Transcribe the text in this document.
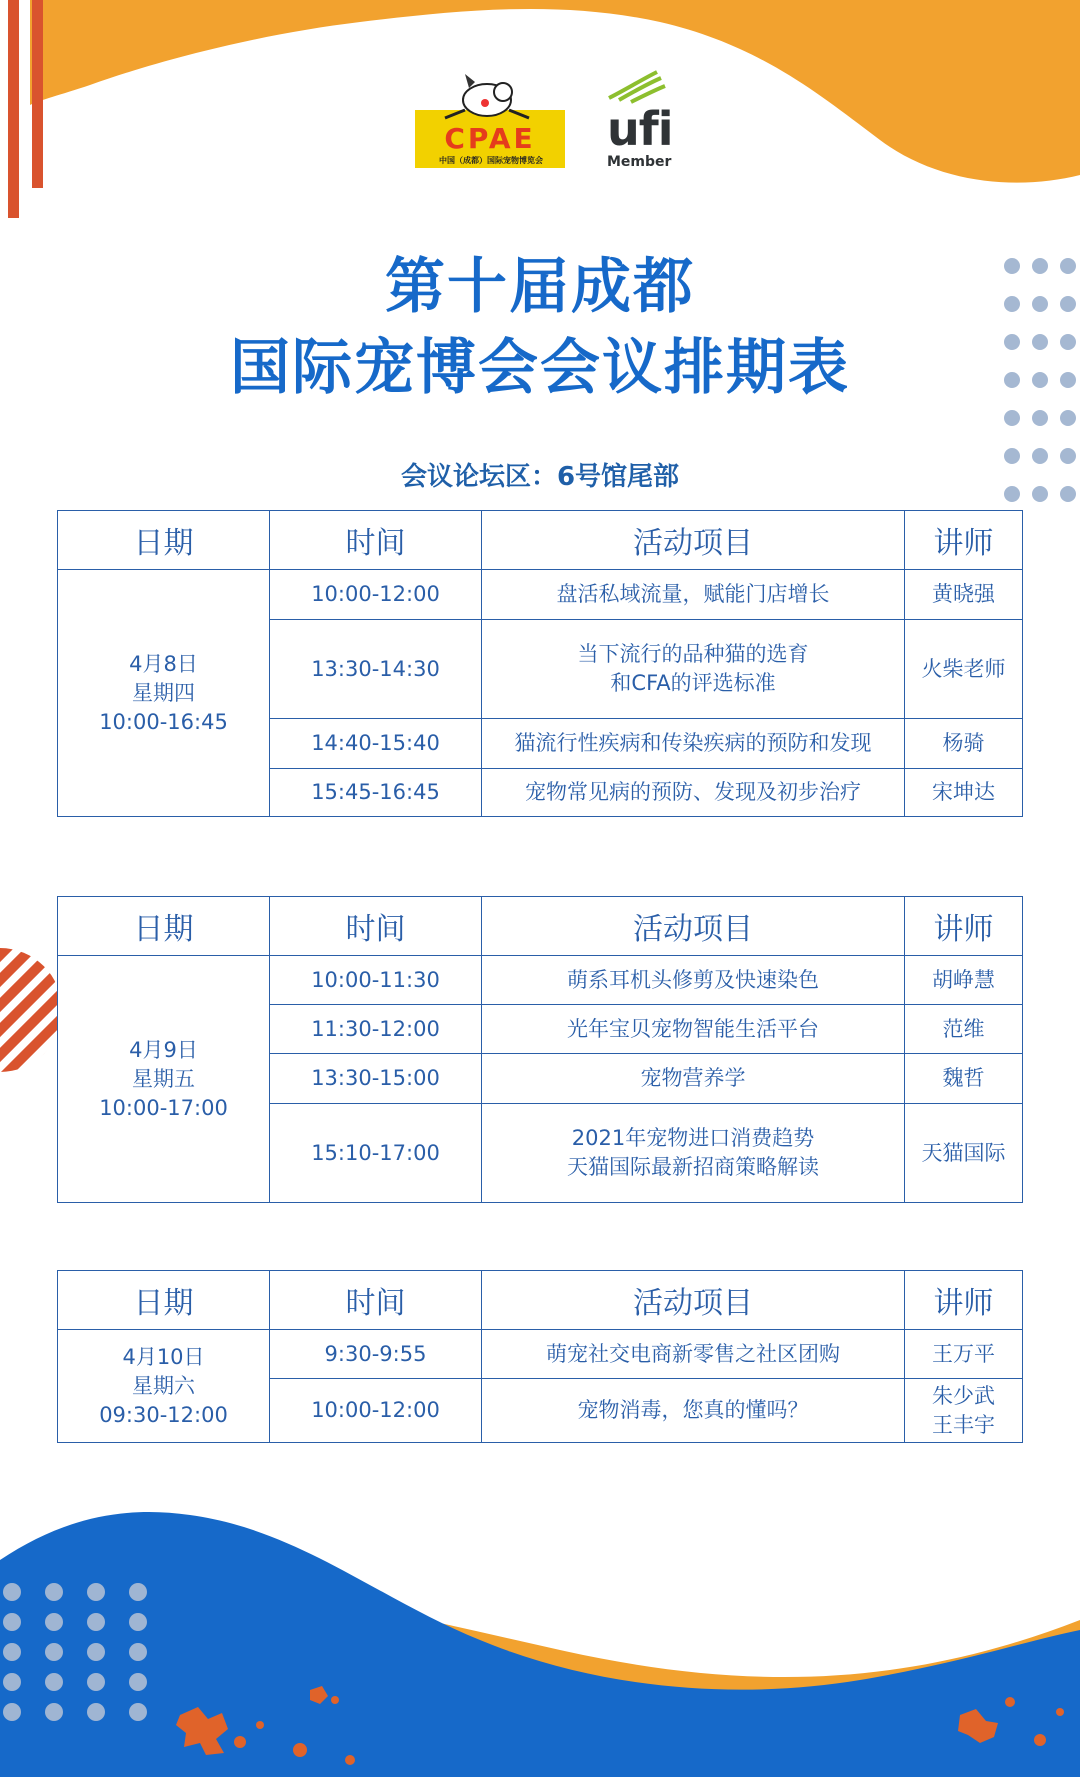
CPAE
中国（成都）国际宠物博览会
ufi
Member
第十届成都
国际宠博会会议排期表
会议论坛区：6号馆尾部
日期	时间	活动项目	讲师

4月8日
星期四
10:00-16:45	10:00-12:00	盘活私域流量，赋能门店增长	黄晓强

	13:30-14:30	当下流行的品种猫的选育
和CFA的评选标准	火柴老师

	14:40-15:40	猫流行性疾病和传染疾病的预防和发现	杨骑

	15:45-16:45	宠物常见病的预防、发现及初步治疗	宋坤达
日期	时间	活动项目	讲师

4月9日
星期五
10:00-17:00	10:00-11:30	萌系耳机头修剪及快速染色	胡峥慧

	11:30-12:00	光年宝贝宠物智能生活平台	范维

	13:30-15:00	宠物营养学	魏哲

	15:10-17:00	2021年宠物进口消费趋势
天猫国际最新招商策略解读	天猫国际
日期	时间	活动项目	讲师

4月10日
星期六
09:30-12:00	9:30-9:55	萌宠社交电商新零售之社区团购	王万平

	10:00-12:00	宠物消毒，您真的懂吗？	朱少武
王丰宇
